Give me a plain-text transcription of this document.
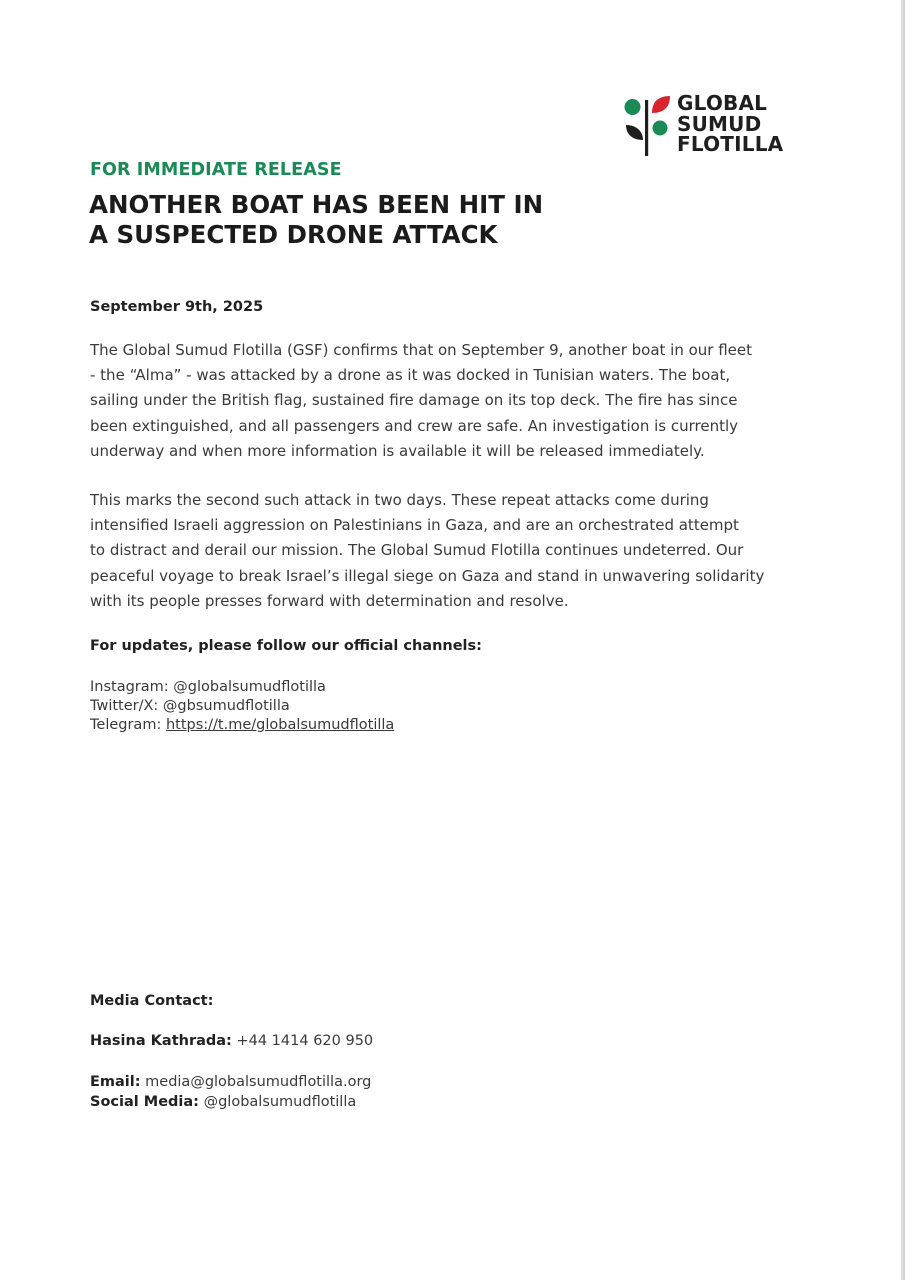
GLOBAL
SUMUD
FLOTILLA
FOR IMMEDIATE RELEASE
ANOTHER BOAT HAS BEEN HIT IN
A SUSPECTED DRONE ATTACK
September 9th, 2025
The Global Sumud Flotilla (GSF) confirms that on September 9, another boat in our fleet
- the “Alma” - was attacked by a drone as it was docked in Tunisian waters. The boat,
sailing under the British flag, sustained fire damage on its top deck. The fire has since
been extinguished, and all passengers and crew are safe. An investigation is currently
underway and when more information is available it will be released immediately.
This marks the second such attack in two days. These repeat attacks come during
intensified Israeli aggression on Palestinians in Gaza, and are an orchestrated attempt
to distract and derail our mission. The Global Sumud Flotilla continues undeterred. Our
peaceful voyage to break Israel’s illegal siege on Gaza and stand in unwavering solidarity
with its people presses forward with determination and resolve.
For updates, please follow our official channels:
Instagram: @globalsumudflotilla
Twitter/X: @gbsumudflotilla
Telegram: https://t.me/globalsumudflotilla
Media Contact:
Hasina Kathrada: +44 1414 620 950
Email: media@globalsumudflotilla.org
Social Media: @globalsumudflotilla
